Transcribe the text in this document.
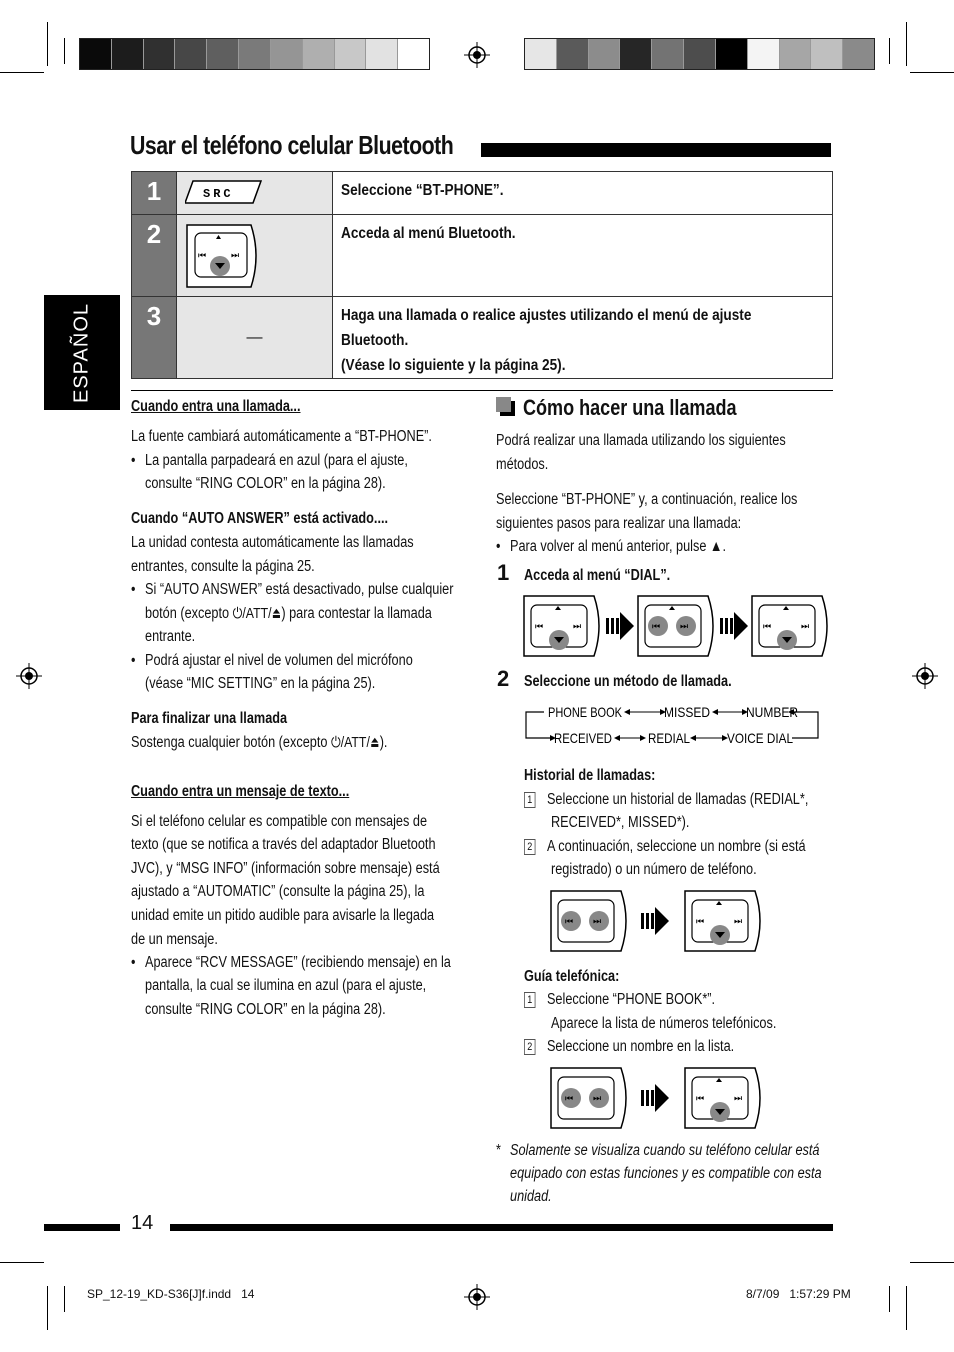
Usar el teléfono celular Bluetooth
1	SRC	Seleccione “BT-PHONE”.

2	⏮ ⏭	Acceda al menú Bluetooth.

3	—	Haga una llamada o realice ajustes utilizando el menú de ajuste
Bluetooth.
(Véase lo siguiente y la página 25).
ESPAÑOL
Cuando entra una llamada...
La fuente cambiará automáticamente a “BT-PHONE”.
• La pantalla parpadeará en azul (para el ajuste,
consulte “RING COLOR” en la página 28).
Cuando “AUTO ANSWER” está activado....
La unidad contesta automáticamente las llamadas
entrantes, consulte la página 25.
• Si “AUTO ANSWER” está desactivado, pulse cualquier
botón (excepto ⏻/ATT/⏏) para contestar la llamada
entrante.
• Podrá ajustar el nivel de volumen del micrófono
(véase “MIC SETTING” en la página 25).
Para finalizar una llamada
Sostenga cualquier botón (excepto ⏻/ATT/⏏).
Cuando entra un mensaje de texto...
Si el teléfono celular es compatible con mensajes de
texto (que se notifica a través del adaptador Bluetooth
JVC), y “MSG INFO” (información sobre mensaje) está
ajustado a “AUTOMATIC” (consulte la página 25), la
unidad emite un pitido audible para avisarle la llegada
de un mensaje.
• Aparece “RCV MESSAGE” (recibiendo mensaje) en la
pantalla, la cual se ilumina en azul (para el ajuste,
consulte “RING COLOR” en la página 28).
Cómo hacer una llamada
Podrá realizar una llamada utilizando los siguientes
métodos.
Seleccione “BT-PHONE” y, a continuación, realice los
siguientes pasos para realizar una llamada:
• Para volver al menú anterior, pulse ▲.
1 Acceda al menú “DIAL”.
⏮	⏭	⏮ ⏭	⏮	⏭
2 Seleccione un método de llamada.
PHONE BOOK	MISSED	NUMBER
RECEIVED	REDIAL	VOICE DIAL
Historial de llamadas:
1 Seleccione un historial de llamadas (REDIAL*,
RECEIVED*, MISSED*).
2 A continuación, seleccione un nombre (si está
registrado) o un número de teléfono.
⏮ ⏭	⏮	⏭
Guía telefónica:
1 Seleccione “PHONE BOOK*”.
Aparece la lista de números telefónicos.
2 Seleccione un nombre en la lista.
⏮ ⏭	⏮	⏭
* Solamente se visualiza cuando su teléfono celular está
equipado con estas funciones y es compatible con esta
unidad.
14
SP_12-19_KD-S36[J]f.indd   14	8/7/09   1:57:29 PM
